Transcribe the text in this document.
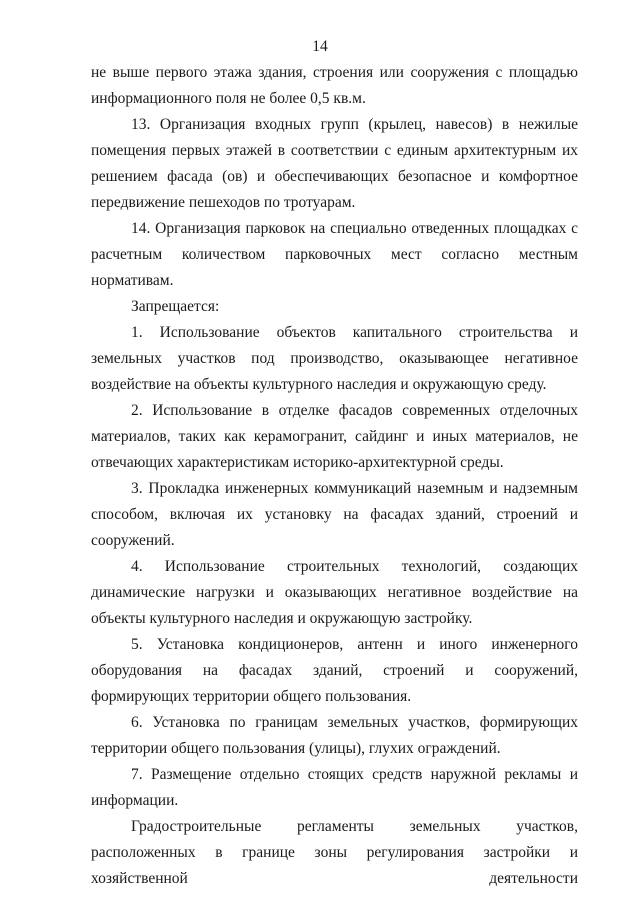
14

не выше первого этажа здания, строения или сооружения с площадью информационного поля не более 0,5 кв.м.

13. Организация входных групп (крылец, навесов) в нежилые помещения первых этажей в соответствии с единым архитектурным их решением фасада (ов) и обеспечивающих безопасное и комфортное передвижение пешеходов по тротуарам.

14. Организация парковок на специально отведенных площадках с расчетным количеством парковочных мест согласно местным нормативам.

Запрещается:

1. Использование объектов капитального строительства и земельных участков под производство, оказывающее негативное воздействие на объекты культурного наследия и окружающую среду.

2. Использование в отделке фасадов современных отделочных материалов, таких как керамогранит, сайдинг и иных материалов, не отвечающих характеристикам историко-архитектурной среды.

3. Прокладка инженерных коммуникаций наземным и надземным способом, включая их установку на фасадах зданий, строений и сооружений.

4. Использование строительных технологий, создающих динамические нагрузки и оказывающих негативное воздействие на объекты культурного наследия и окружающую застройку.

5. Установка кондиционеров, антенн и иного инженерного оборудования на фасадах зданий, строений и сооружений, формирующих территории общего пользования.

6. Установка по границам земельных участков, формирующих территории общего пользования (улицы), глухих ограждений.

7. Размещение отдельно стоящих средств наружной рекламы и информации.

Градостроительные регламенты земельных участков, расположенных в границе зоны регулирования застройки и хозяйственной деятельности
